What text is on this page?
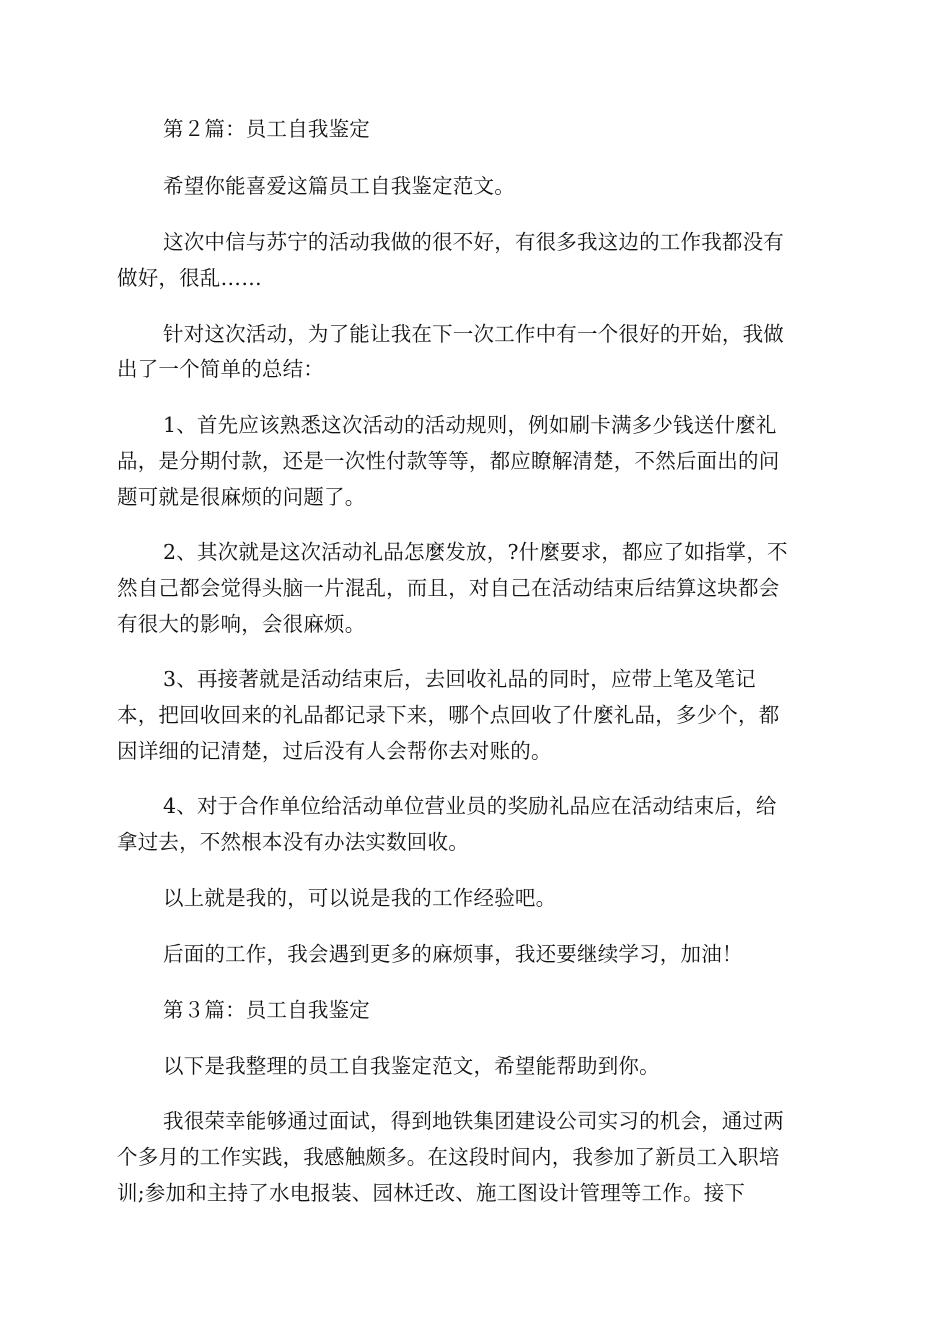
第２篇：员工自我鉴定
希望你能喜爱这篇员工自我鉴定范文。
这次中信与苏宁的活动我做的很不好，有很多我这边的工作我都没有
做好，很乱……
针对这次活动，为了能让我在下一次工作中有一个很好的开始，我做
出了一个简单的总结：
1、首先应该熟悉这次活动的活动规则，例如刷卡满多少钱送什麼礼
品，是分期付款，还是一次性付款等等，都应瞭解清楚，不然后面出的问
题可就是很麻烦的问题了。
2、其次就是这次活动礼品怎麼发放，?什麼要求，都应了如指掌，不
然自己都会觉得头脑一片混乱，而且，对自己在活动结束后结算这块都会
有很大的影响，会很麻烦。
3、再接著就是活动结束后，去回收礼品的同时，应带上笔及笔记
本，把回收回来的礼品都记录下来，哪个点回收了什麼礼品，多少个，都
因详细的记清楚，过后没有人会帮你去对账的。
4、对于合作单位给活动单位营业员的奖励礼品应在活动结束后，给
拿过去，不然根本没有办法实数回收。
以上就是我的，可以说是我的工作经验吧。
后面的工作，我会遇到更多的麻烦事，我还要继续学习，加油！
第３篇：员工自我鉴定
以下是我整理的员工自我鉴定范文，希望能帮助到你。
我很荣幸能够通过面试，得到地铁集团建设公司实习的机会，通过两
个多月的工作实践，我感触颇多。在这段时间内，我参加了新员工入职培
训;参加和主持了水电报装、园林迁改、施工图设计管理等工作。接下
